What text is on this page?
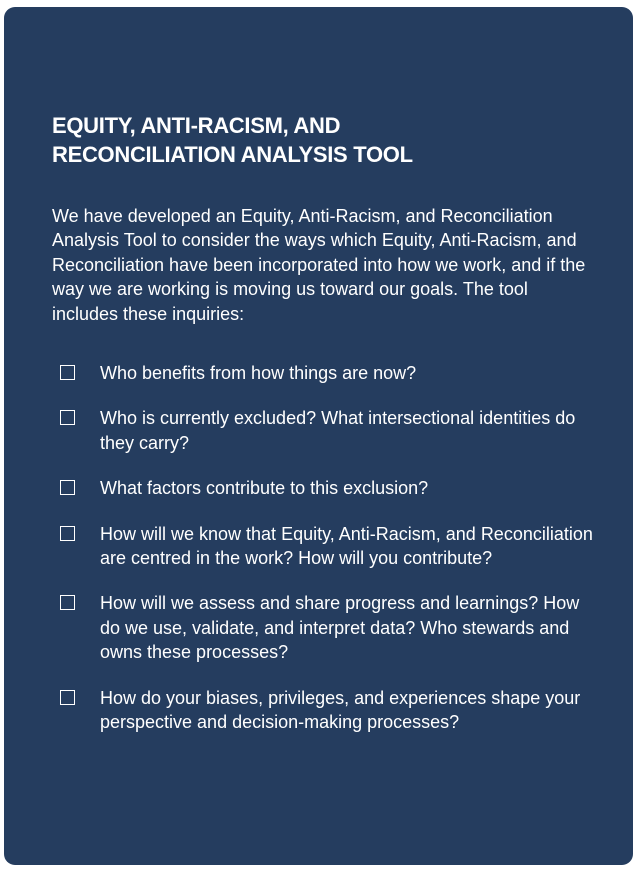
EQUITY, ANTI-RACISM, AND RECONCILIATION ANALYSIS TOOL

We have developed an Equity, Anti-Racism, and Reconciliation Analysis Tool to consider the ways which Equity, Anti-Racism, and Reconciliation have been incorporated into how we work, and if the way we are working is moving us toward our goals. The tool includes these inquiries:

Who benefits from how things are now?
Who is currently excluded? What intersectional identities do they carry?
What factors contribute to this exclusion?
How will we know that Equity, Anti-Racism, and Reconciliation are centred in the work? How will you contribute?
How will we assess and share progress and learnings? How do we use, validate, and interpret data? Who stewards and owns these processes?
How do your biases, privileges, and experiences shape your perspective and decision-making processes?
